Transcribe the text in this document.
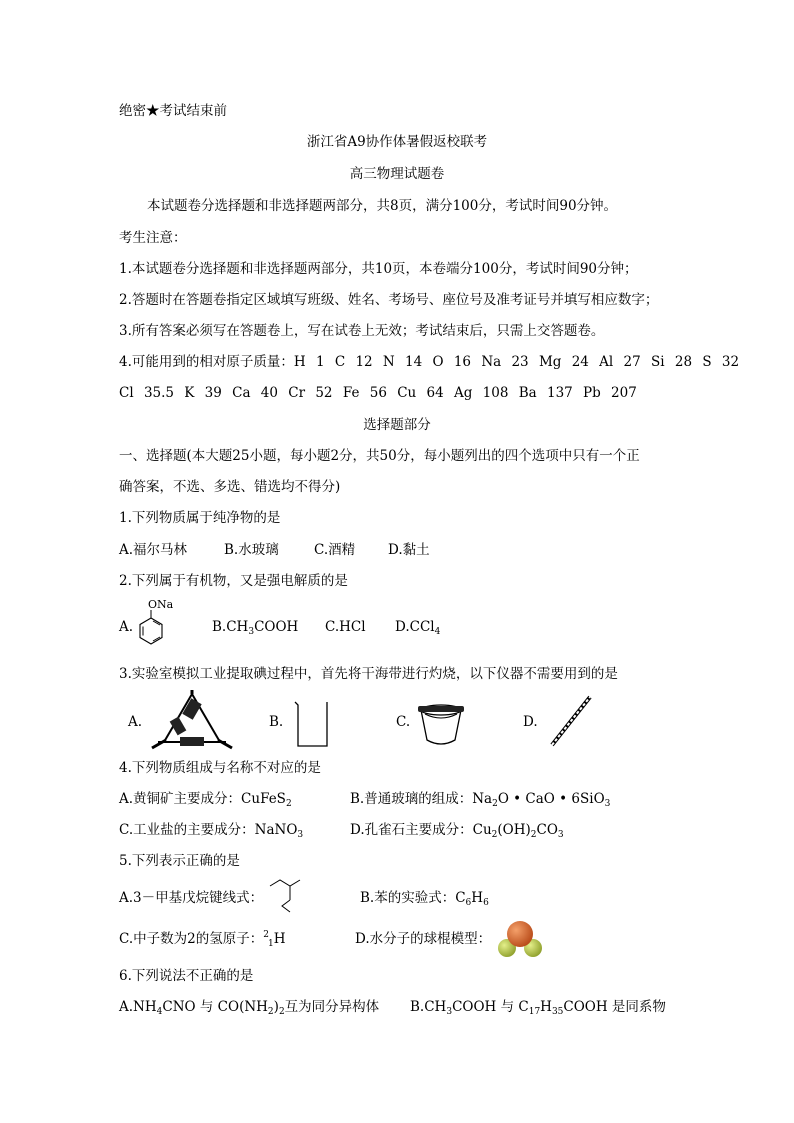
绝密★考试结束前
浙江省A9协作体暑假返校联考
高三物理试题卷
本试题卷分选择题和非选择题两部分，共8页，满分100分，考试时间90分钟。
考生注意：
1.本试题卷分选择题和非选择题两部分，共10页，本卷端分100分，考试时间90分钟；
2.答题时在答题卷指定区域填写班级、姓名、考场号、座位号及准考证号并填写相应数字；
3.所有答案必须写在答题卷上，写在试卷上无效；考试结束后，只需上交答题卷。
4.可能用到的相对原子质量：H 1 C 12 N 14 O 16 Na 23 Mg 24 Al 27 Si 28 S 32
Cl 35.5 K 39 Ca 40 Cr 52 Fe 56 Cu 64 Ag 108 Ba 137 Pb 207
选择题部分
一、选择题(本大题25小题，每小题2分，共50分，每小题列出的四个选项中只有一个正
确答案，不选、多选、错选均不得分)
1.下列物质属于纯净物的是
A.福尔马林	B.水玻璃	C.酒精 D.黏土
2.下列属于有机物，又是强电解质的是
A.
ONa
$B.CH_3COOH$ C.HCl D.CCl$_4$
3.实验室模拟工业提取碘过程中，首先将干海带进行灼烧，以下仪器不需要用到的是
A.	B.	C.	D.
4.下列物质组成与名称不对应的是
A.黄铜矿主要成分：CuFeS$_2$	B.普通玻璃的组成：$Na_2O$ • CaO • 6SiO$_3$
C.工业盐的主要成分：NaNO$_3$	D.孔雀石主要成分：$Cu_2(OH)_2CO_3$
5.下列表示正确的是
A.3－甲基戊烷键线式：	B.苯的实验式：$C_6H_6$
C.中子数为2的氢原子：$^2_1$H	D.水分子的球棍模型：
6.下列说法不正确的是
$A.NH_4CNO$ 与 $CO(NH_2)_2$互为同分异构体 $B.CH_3COOH$ 与 $C_{17}H_{35}COOH$ 是同系物
